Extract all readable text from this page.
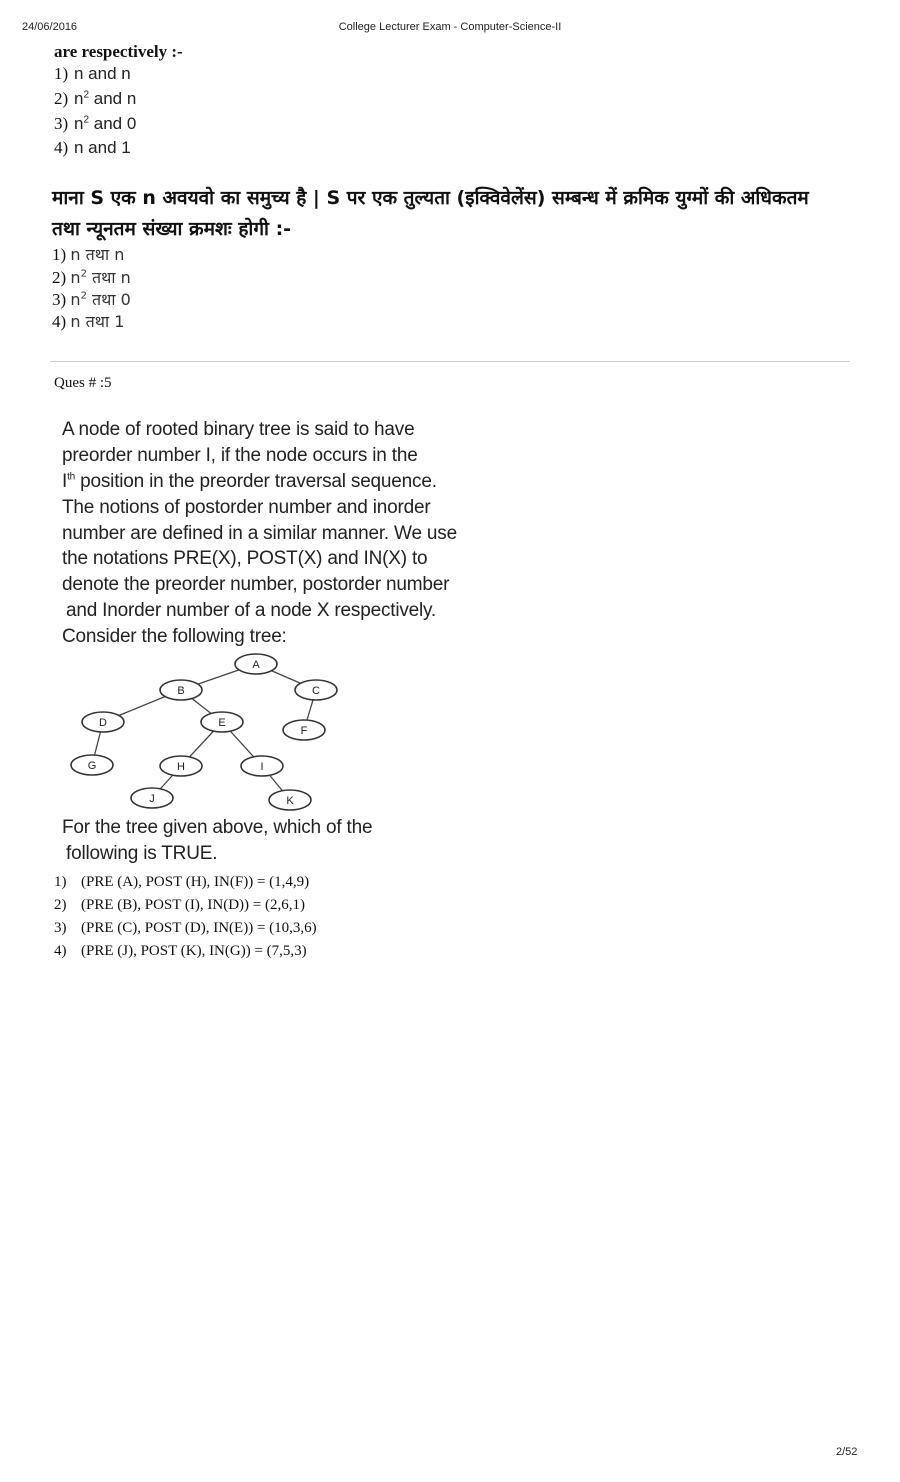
24/06/2016	College Lecturer Exam - Computer-Science-II
are respectively :-
1) n and n
2) $n^2$ and n
3) $n^2$ and 0
4) n and 1
माना S एक n अवयवो का समुच्य है | S पर एक तुल्यता (इक्विवेलेंस) सम्बन्ध में क्रमिक युग्मों की अधिकतम
तथा न्यूनतम संख्या क्रमशः होगी :-
1) n तथा n
2) $n^2$ तथा n
3) $n^2$ तथा 0
4) n तथा 1
Ques # :5
A node of rooted binary tree is said to have
preorder number I, if the node occurs in the
Ith position in the preorder traversal sequence.
The notions of postorder number and inorder
number are defined in a similar manner. We use
the notations PRE(X), POST(X) and IN(X) to
denote the preorder number, postorder number
and Inorder number of a node X respectively.
Consider the following tree:
A
B	C
D	E
F
G	H	I
J	K
For the tree given above, which of the
following is TRUE.
1) (PRE (A), POST (H), IN(F)) = (1,4,9)
2) (PRE (B), POST (I), IN(D)) = (2,6,1)
3) (PRE (C), POST (D), IN(E)) = (10,3,6)
4) (PRE (J), POST (K), IN(G)) = (7,5,3)
2/52
